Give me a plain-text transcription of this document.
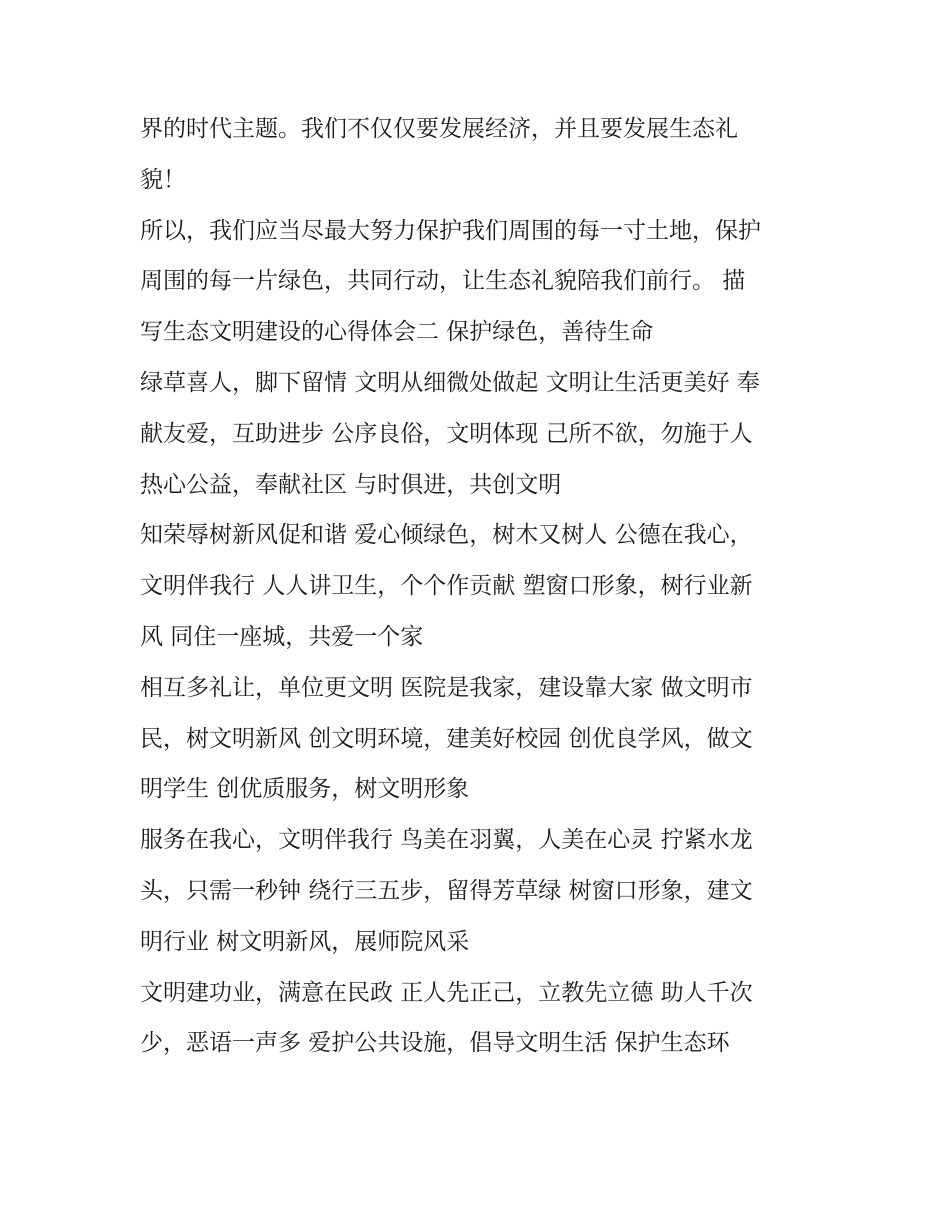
界的时代主题。我们不仅仅要发展经济，并且要发展生态礼
貌！
所以，我们应当尽最大努力保护我们周围的每一寸土地，保护
周围的每一片绿色，共同行动，让生态礼貌陪我们前行。 描
写生态文明建设的心得体会二 保护绿色，善待生命
绿草喜人，脚下留情 文明从细微处做起 文明让生活更美好 奉
献友爱，互助进步 公序良俗，文明体现 己所不欲，勿施于人
热心公益，奉献社区 与时俱进，共创文明
知荣辱树新风促和谐 爱心倾绿色，树木又树人 公德在我心，
文明伴我行 人人讲卫生，个个作贡献 塑窗口形象，树行业新
风 同住一座城，共爱一个家
相互多礼让，单位更文明 医院是我家，建设靠大家 做文明市
民，树文明新风 创文明环境，建美好校园 创优良学风，做文
明学生 创优质服务，树文明形象
服务在我心，文明伴我行 鸟美在羽翼，人美在心灵 拧紧水龙
头，只需一秒钟 绕行三五步，留得芳草绿 树窗口形象，建文
明行业 树文明新风，展师院风采
文明建功业，满意在民政 正人先正己，立教先立德 助人千次
少，恶语一声多 爱护公共设施，倡导文明生活 保护生态环
